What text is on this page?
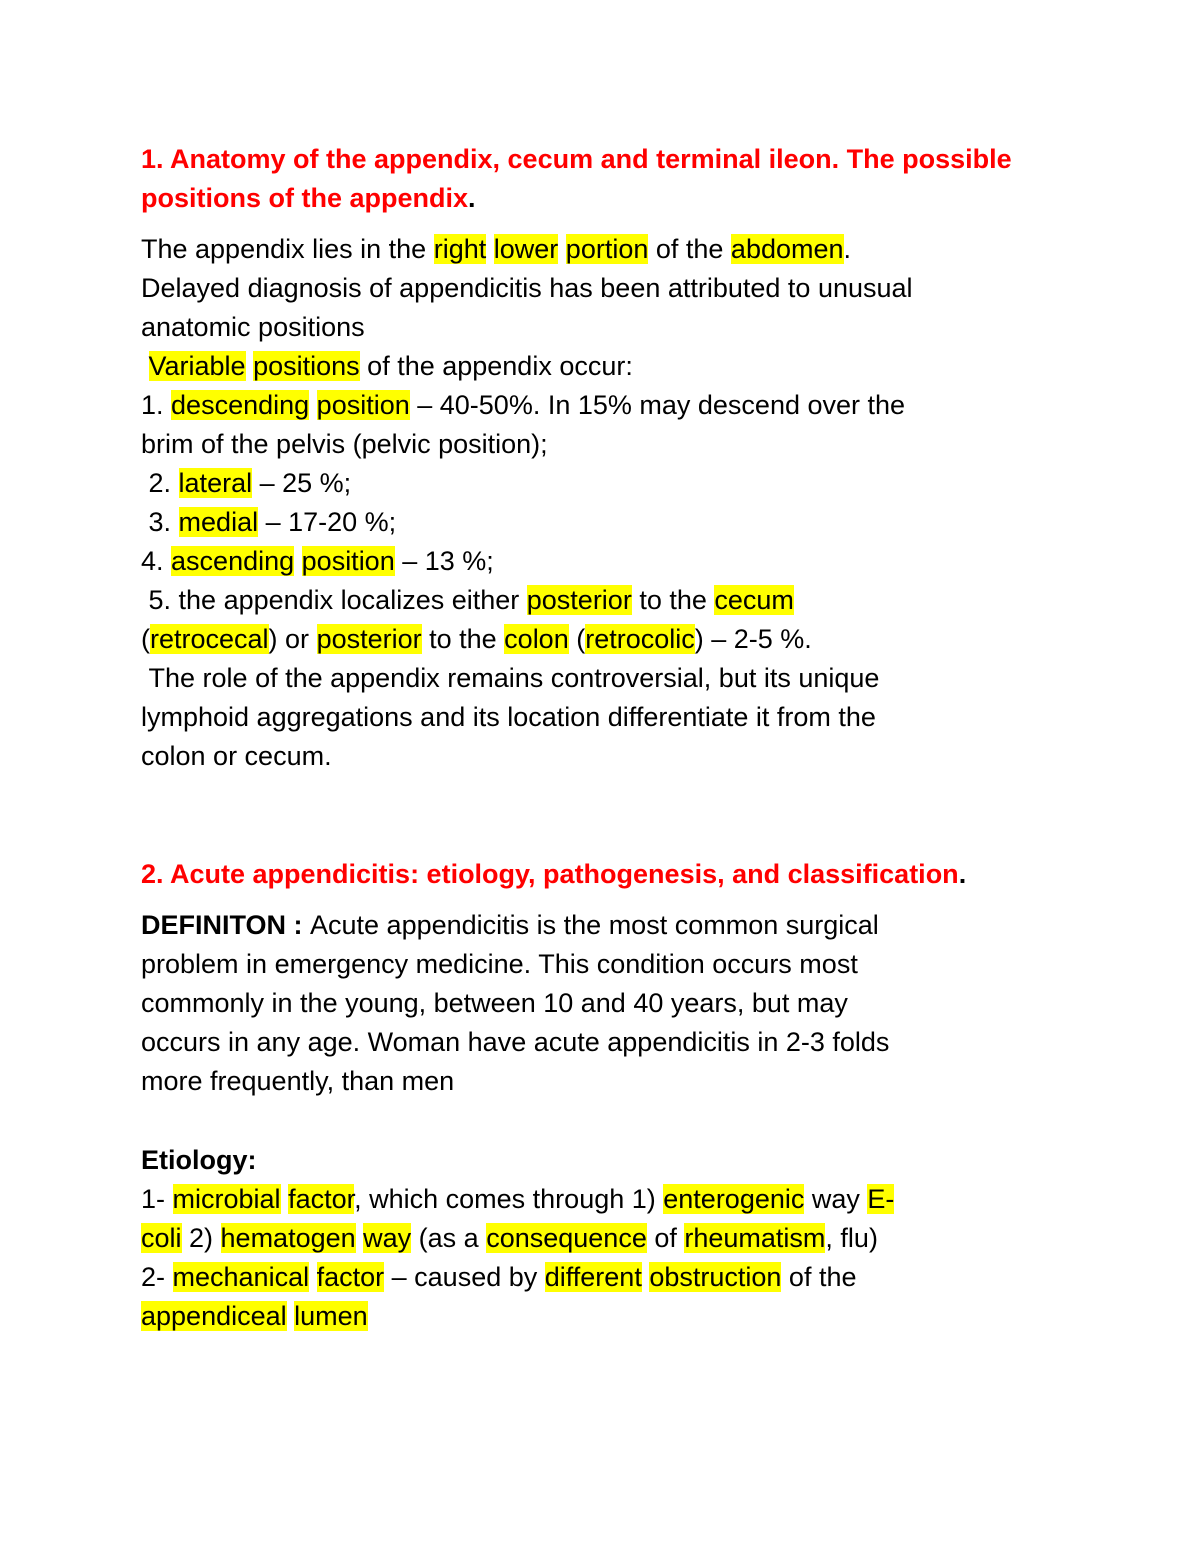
1. Anatomy of the appendix, cecum and terminal ileon. The possible positions of the appendix.

The appendix lies in the right lower portion of the abdomen.

Delayed diagnosis of appendicitis has been attributed to unusual

anatomic positions

Variable positions of the appendix occur:

1. descending position – 40-50%. In 15% may descend over the

brim of the pelvis (pelvic position);

2. lateral – 25 %;

3. medial – 17-20 %;

4. ascending position – 13 %;

5. the appendix localizes either posterior to the cecum

(retrocecal) or posterior to the colon (retrocolic) – 2-5 %.

The role of the appendix remains controversial, but its unique

lymphoid aggregations and its location differentiate it from the

colon or cecum.

2. Acute appendicitis: etiology, pathogenesis, and classification.

DEFINITON : Acute appendicitis is the most common surgical

problem in emergency medicine. This condition occurs most

commonly in the young, between 10 and 40 years, but may

occurs in any age. Woman have acute appendicitis in 2-3 folds

more frequently, than men

Etiology:

1- microbial factor, which comes through 1) enterogenic way E-

coli 2) hematogen way (as a consequence of rheumatism, flu)

2- mechanical factor – caused by different obstruction of the

appendiceal lumen
